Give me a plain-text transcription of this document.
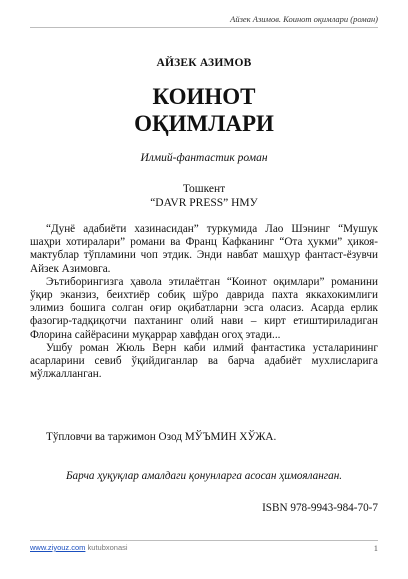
Айзек Азимов. Коинот оқимлари (роман)
АЙЗЕК АЗИМОВ
КОИНОТ
ОҚИМЛАРИ
Илмий-фантастик роман
Тошкент
“DAVR PRESS” НМУ

“Дунё адабиёти хазинасидан” туркумида Лао Шэнинг “Мушук шаҳри хотиралари” романи ва Франц Кафканинг “Ота ҳукми” ҳикоя-мактублар тўпламини чоп этдик. Энди навбат машҳур фантаст-ёзувчи Айзек Азимовга.

Эътиборингизга ҳавола этилаётган “Коинот оқимлари” романини ўқир эканзиз, беихтиёр собиқ шўро даврида пахта яккахокимлиги элимиз бошига солган оғир оқибатларни эсга оласиз. Асарда ерлик фазогир-тадқиқотчи пахтанинг олий нави – кирт етиштириладиган Флорина сайёрасини муқаррар хавфдан огоҳ этади...

Ушбу роман Жюль Верн каби илмий фантастика усталарининг асарларини севиб ўқийдиганлар ва барча адабиёт мухлисларига мўлжалланган.

Тўпловчи ва таржимон Озод МЎЪМИН ХЎЖА.
Барча ҳуқуқлар амалдаги қонунларга асосан ҳимояланган.
ISBN 978-9943-984-70-7
www.ziyouz.com kutubxonasi	1
